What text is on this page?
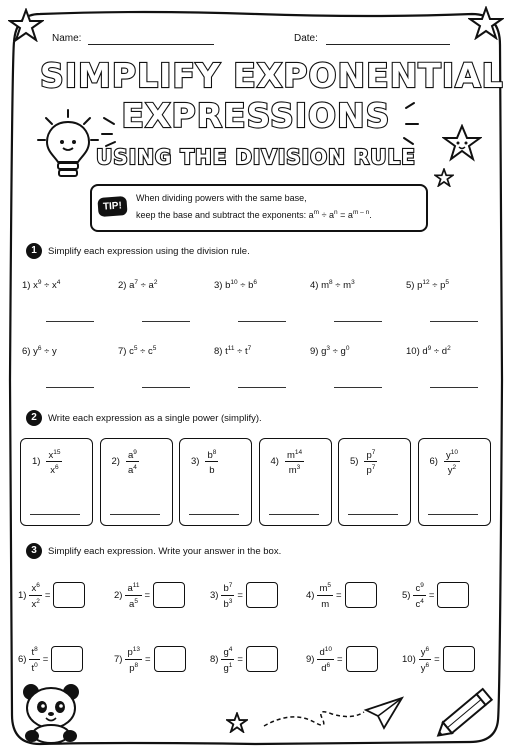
Name:	Date:
SIMPLIFY EXPONENTIAL
EXPRESSIONS
USING THE DIVISION RULE
TIP!
When dividing powers with the same base,
keep the base and subtract the exponents: $a^m \div a^n = a^{m - n}$.
1	Simplify each expression using the division rule.
1) $x^9 \div x^4$	2) $a^7 \div a^2$	3) $b^{10} \div b^6$	4) $m^8 \div m^3$	5) $p^{12} \div p^5$
6) $y^6 \div y$	7) $c^5 \div c^5$	8) $t^{11} \div t^7$	9) $g^3 \div g^0$	10) $d^9 \div d^2$
2	Write each expression as a single power (simplify).
$1) \frac{x^{15}}{x^6}$	$2) \frac{a^9}{a^4}$	$3) \frac{b^8}{b}$	$4) \frac{m^{14}}{m^3}$	$5) \frac{p^7}{p^7}$	$6) \frac{y^{10}}{y^2}$
3	Simplify each expression. Write your answer in the box.
$1) \frac{x^6}{x^2}$ =	$2) \frac{a^{11}}{a^5}$ =	$3) \frac{b^7}{b^3}$ =	$4) \frac{m^5}{m}$ =	$5) \frac{c^9}{c^4}$ =
$6) \frac{t^8}{t^0}$ =	$7) \frac{p^{13}}{p^8}$ =	$8) \frac{g^4}{g^1}$ =	$9) \frac{d^{10}}{d^6}$ =	$10) \frac{y^6}{y^6}$ =
